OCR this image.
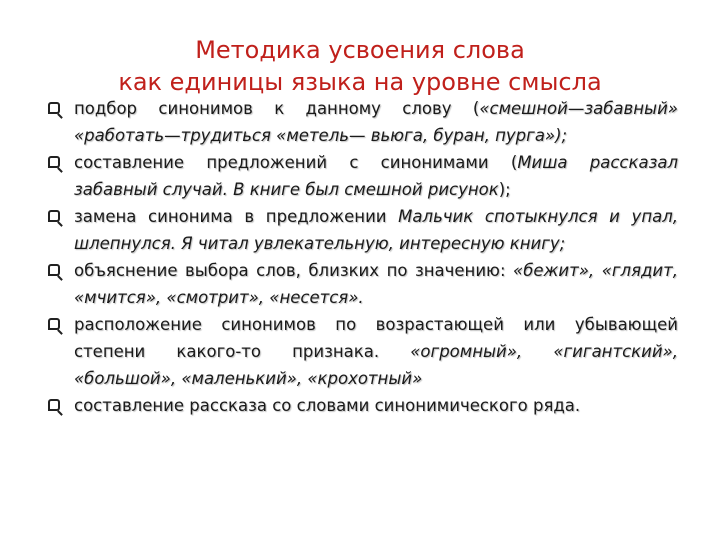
Методика усвоения слова
как единицы языка на уровне смысла
подбор синонимов к данному слову («смешной—забавный» «работать—трудиться «метель— вьюга, буран, пурга»);
составление предложений с синонимами (Миша рассказал забавный случай. В книге был смешной рисунок);
замена синонима в предложении Мальчик спотыкнулся и упал, шлепнулся. Я читал увлекательную, интересную книгу;
объяснение выбора слов, близких по значению: «бежит», «глядит, «мчится», «смотрит», «несется».
расположение синонимов по возрастающей или убывающей степени какого-то признака. «огромный», «гигантский», «большой», «маленький», «крохотный»
составление рассказа со словами синонимического ряда.
